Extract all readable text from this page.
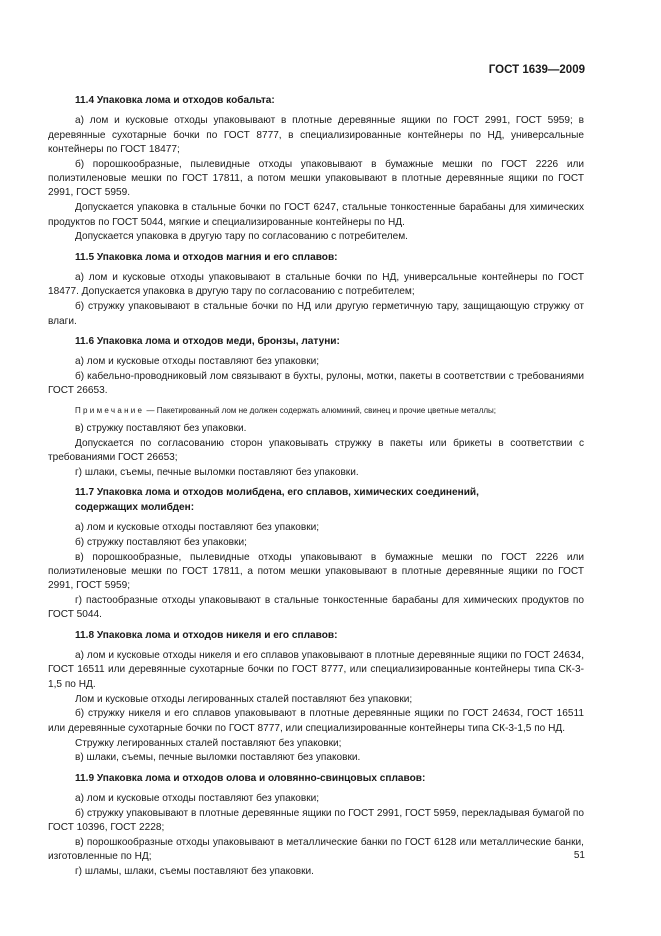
ГОСТ 1639—2009
11.4 Упаковка лома и отходов кобальта:
а) лом и кусковые отходы упаковывают в плотные деревянные ящики по ГОСТ 2991, ГОСТ 5959; в деревянные сухотарные бочки по ГОСТ 8777, в специализированные контейнеры по НД, универсальные контейнеры по ГОСТ 18477;
б) порошкообразные, пылевидные отходы упаковывают в бумажные мешки по ГОСТ 2226 или полиэтиленовые мешки по ГОСТ 17811, а потом мешки упаковывают в плотные деревянные ящики по ГОСТ 2991, ГОСТ 5959.
Допускается упаковка в стальные бочки по ГОСТ 6247, стальные тонкостенные барабаны для химических продуктов по ГОСТ 5044, мягкие и специализированные контейнеры по НД.
Допускается упаковка в другую тару по согласованию с потребителем.
11.5 Упаковка лома и отходов магния и его сплавов:
а) лом и кусковые отходы упаковывают в стальные бочки по НД, универсальные контейнеры по ГОСТ 18477. Допускается упаковка в другую тару по согласованию с потребителем;
б) стружку упаковывают в стальные бочки по НД или другую герметичную тару, защищающую стружку от влаги.
11.6 Упаковка лома и отходов меди, бронзы, латуни:
а) лом и кусковые отходы поставляют без упаковки;
б) кабельно-проводниковый лом связывают в бухты, рулоны, мотки, пакеты в соответствии с требованиями ГОСТ 26653.
Примечание — Пакетированный лом не должен содержать алюминий, свинец и прочие цветные металлы;
в) стружку поставляют без упаковки.
Допускается по согласованию сторон упаковывать стружку в пакеты или брикеты в соответствии с требованиями ГОСТ 26653;
г) шлаки, съемы, печные выломки поставляют без упаковки.
11.7 Упаковка лома и отходов молибдена, его сплавов, химических соединений,
содержащих молибден:
а) лом и кусковые отходы поставляют без упаковки;
б) стружку поставляют без упаковки;
в) порошкообразные, пылевидные отходы упаковывают в бумажные мешки по ГОСТ 2226 или полиэтиленовые мешки по ГОСТ 17811, а потом мешки упаковывают в плотные деревянные ящики по ГОСТ 2991, ГОСТ 5959;
г) пастообразные отходы упаковывают в стальные тонкостенные барабаны для химических продуктов по ГОСТ 5044.
11.8 Упаковка лома и отходов никеля и его сплавов:
а) лом и кусковые отходы никеля и его сплавов упаковывают в плотные деревянные ящики по ГОСТ 24634, ГОСТ 16511 или деревянные сухотарные бочки по ГОСТ 8777, или специализированные контейнеры типа СК-3-1,5 по НД.
Лом и кусковые отходы легированных сталей поставляют без упаковки;
б) стружку никеля и его сплавов упаковывают в плотные деревянные ящики по ГОСТ 24634, ГОСТ 16511 или деревянные сухотарные бочки по ГОСТ 8777, или специализированные контейнеры типа СК-3-1,5 по НД.
Стружку легированных сталей поставляют без упаковки;
в) шлаки, съемы, печные выломки поставляют без упаковки.
11.9 Упаковка лома и отходов олова и оловянно-свинцовых сплавов:
а) лом и кусковые отходы поставляют без упаковки;
б) стружку упаковывают в плотные деревянные ящики по ГОСТ 2991, ГОСТ 5959, перекладывая бумагой по ГОСТ 10396, ГОСТ 2228;
в) порошкообразные отходы упаковывают в металлические банки по ГОСТ 6128 или металлические банки, изготовленные по НД;
г) шламы, шлаки, съемы поставляют без упаковки.
51
